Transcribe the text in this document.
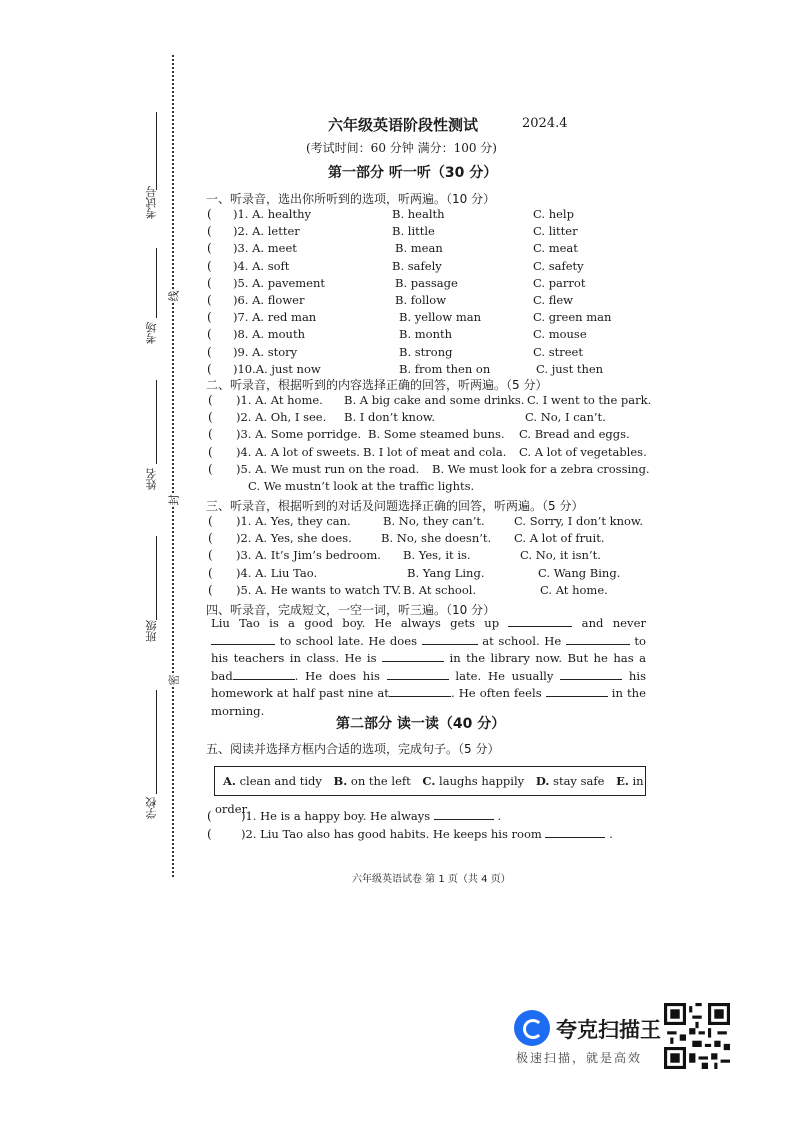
考试号
考场
姓名
班级
学校
线
封
密
六年级英语阶段性测试	2024.4
(考试时间：60 分钟 满分：100 分)
第一部分 听一听（30 分）
一、听录音，选出你所听到的选项，听两遍。（10 分）
二、听录音，根据听到的内容选择正确的回答，听两遍。（5 分）
C. We mustn’t look at the traffic lights.
三、听录音，根据听到的对话及问题选择正确的回答，听两遍。（5 分）
四、听录音，完成短文，一空一词，听三遍。（10 分）
Liu Tao is a good boy. He always gets up	and never  to school late. He does	at school. He	to his teachers in class. He is	in the library now. But he has a bad	. He does his	late. He usually	his homework at half past nine at	. He often feels	in the morning.
第二部分 读一读（40 分）
五、阅读并选择方框内合适的选项，完成句子。（5 分）
A. clean and tidy B. on the left C. laughs happily D. stay safe E. in order
(	)1. He is a happy boy. He always	.
(	)2. Liu Tao also has good habits. He keeps his room	.
六年级英语试卷 第 1 页（共 4 页）
夸克扫描王
极速扫描，就是高效
( )1. A. healthy	B. health	C. help
( )2. A. letter	B. little	C. litter
( )3. A. meet	B. mean	C. meat
( )4. A. soft	B. safely	C. safety
( )5. A. pavement	B. passage	C. parrot
( )6. A. flower	B. follow	C. flew
( )7. A. red man	B. yellow man	C. green man
( )8. A. mouth	B. month	C. mouse
( )9. A. story	B. strong	C. street
( )10.A. just now	B. from then on	C. just then
( )1. A. At home. B. A big cake and some drinks. C. I went to the park.
( )2. A. Oh, I see. B. I don’t know.	C. No, I can’t.
( )3. A. Some porridge. B. Some steamed buns. C. Bread and eggs.
( )4. A. A lot of sweets. B. I lot of meat and cola. C. A lot of vegetables.
( )5. A. We must run on the road. B. We must look for a zebra crossing.
( )1. A. Yes, they can.	B. No, they can’t.	C. Sorry, I don’t know.
( )2. A. Yes, she does.	B. No, she doesn’t. C. A lot of fruit.
( )3. A. It’s Jim’s bedroom. B. Yes, it is.	C. No, it isn’t.
( )4. A. Liu Tao.	B. Yang Ling.	C. Wang Bing.
( )5. A. He wants to watch TV. B. At school.	C. At home.
